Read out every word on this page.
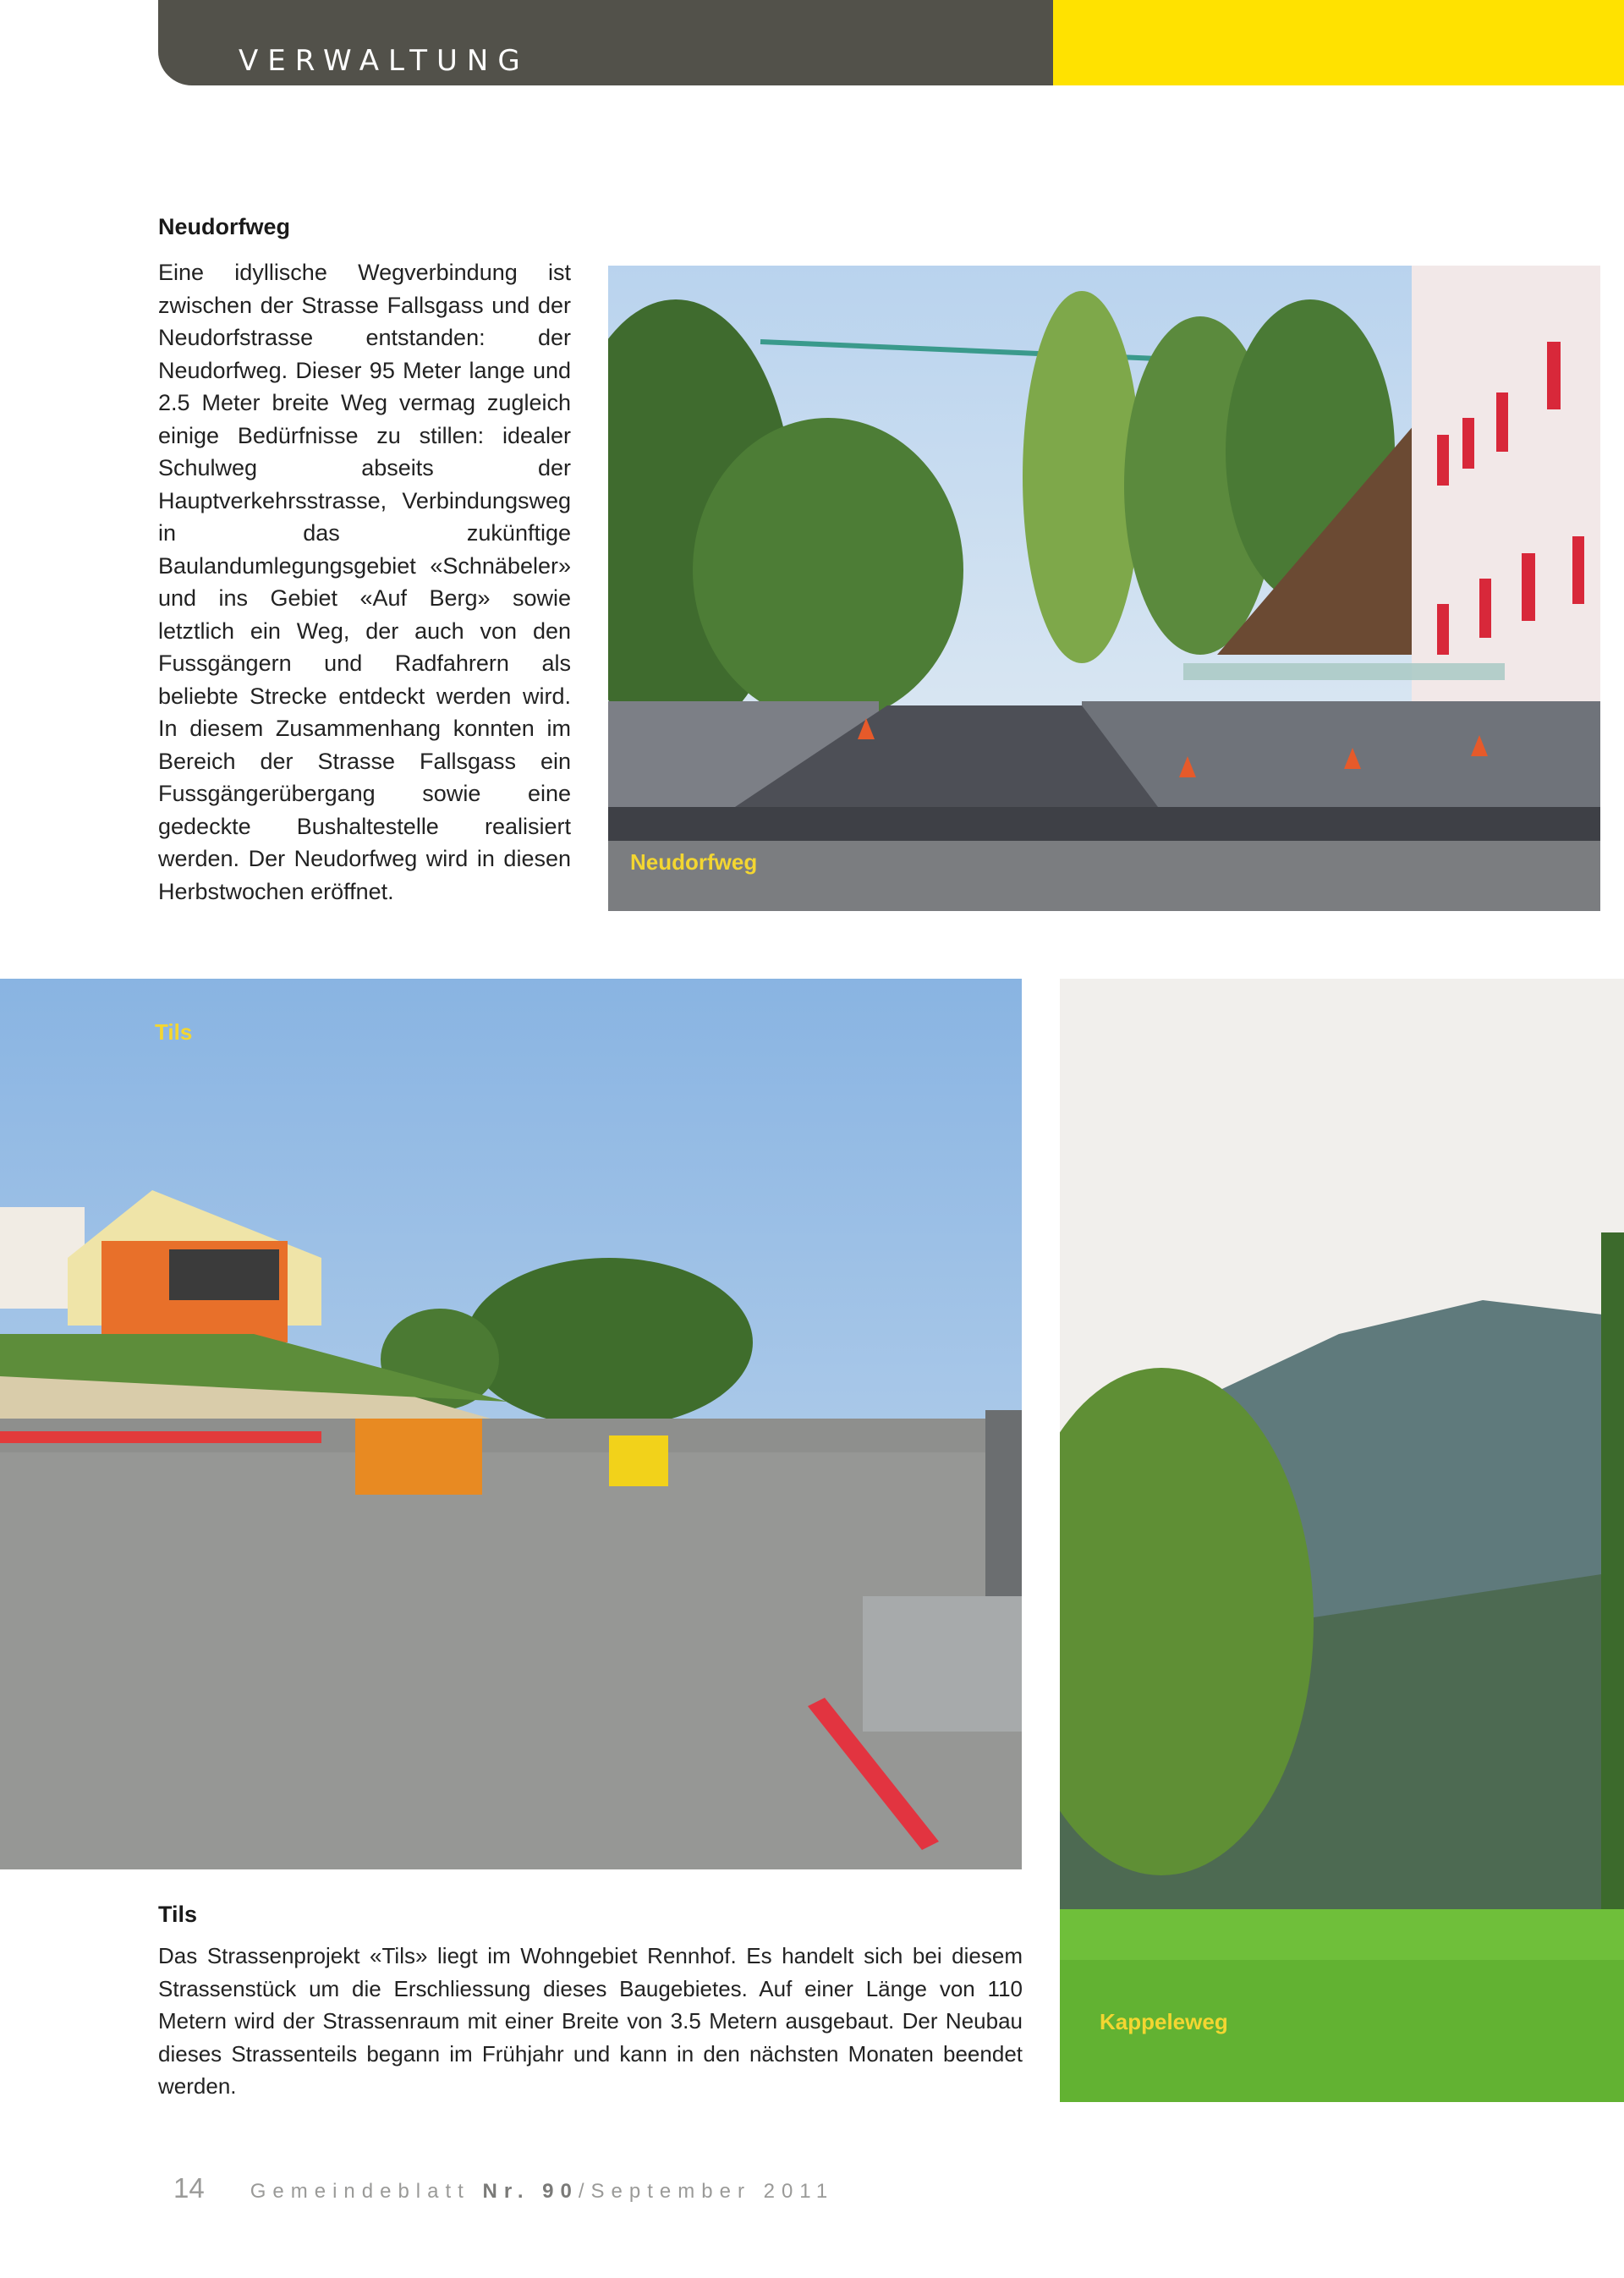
VERWALTUNG
Neudorfweg
Eine idyllische Wegverbindung ist zwischen der Strasse Fallsgass und der Neudorfstrasse entstanden: der Neudorfweg. Dieser 95 Meter lange und 2.5 Meter breite Weg vermag zugleich einige Bedürfnisse zu stillen: idealer Schulweg abseits der Hauptverkehrsstrasse, Verbindungsweg in das zukünftige Baulandumlegungsgebiet «Schnäbeler» und ins Gebiet «Auf Berg» sowie letztlich ein Weg, der auch von den Fussgängern und Radfahrern als beliebte Strecke entdeckt werden wird. In diesem Zusammenhang konnten im Bereich der Strasse Fallsgass ein Fussgängerübergang sowie eine gedeckte Bushaltestelle realisiert werden. Der Neudorfweg wird in diesen Herbstwochen eröffnet.
Neudorfweg
Tils
Kappeleweg
Tils
Das Strassenprojekt «Tils» liegt im Wohngebiet Rennhof. Es handelt sich bei diesem Strassenstück um die Erschliessung dieses Baugebietes. Auf einer Länge von 110 Metern wird der Strassenraum mit einer Breite von 3.5 Metern ausgebaut. Der Neubau dieses Strassenteils begann im Frühjahr und kann in den nächsten Monaten beendet werden.
14 Gemeindeblatt Nr. 90/September 2011
